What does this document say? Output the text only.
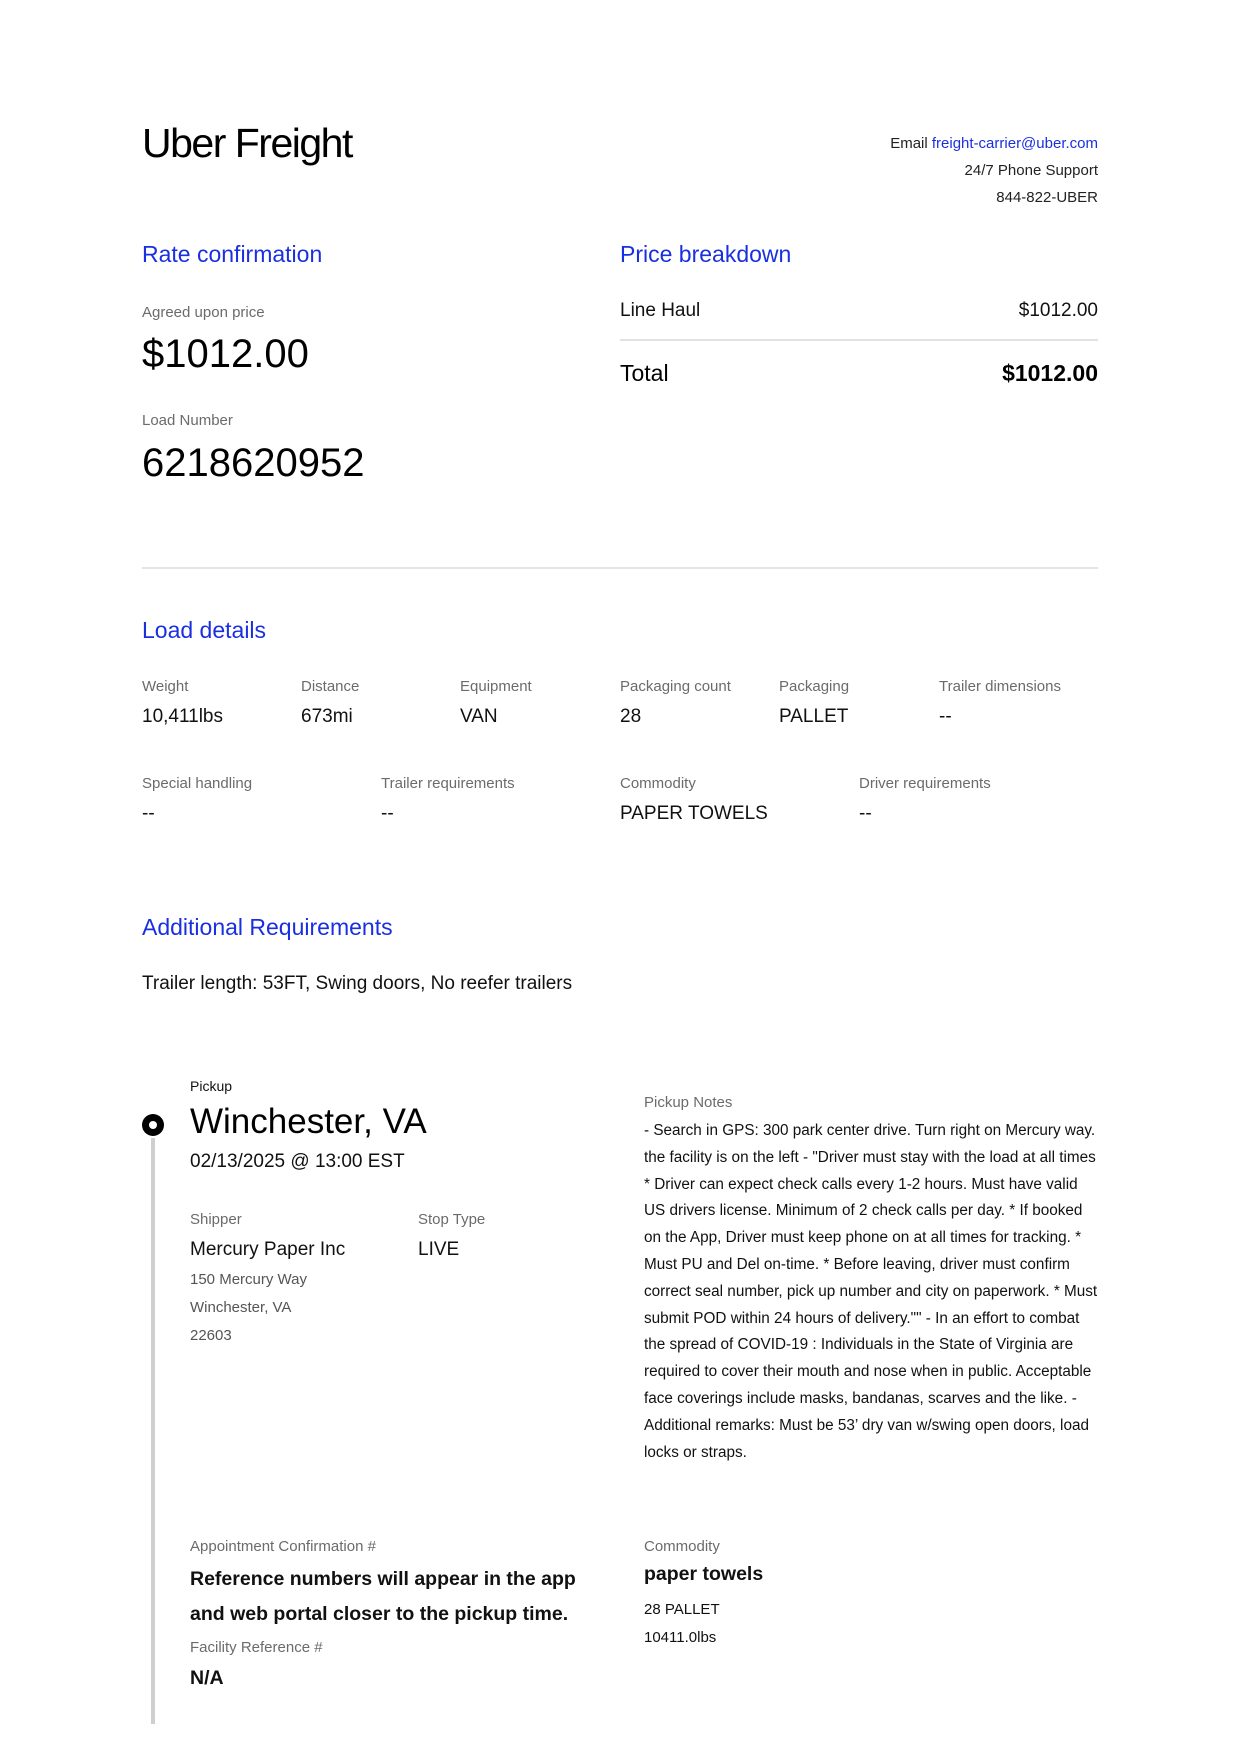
Uber Freight	Email freight-carrier@uber.com
24/7 Phone Support
844-822-UBER
Rate confirmation
Agreed upon price
$1012.00
Load Number
6218620952
Price breakdown
Line Haul	$1012.00
Total	$1012.00
Load details
Weight
10,411lbs
Distance
673mi
Equipment
VAN
Packaging count
28
Packaging
PALLET
Trailer dimensions
--
Special handling
--
Trailer requirements
--
Commodity
PAPER TOWELS
Driver requirements
--
Additional Requirements
Trailer length: 53FT, Swing doors, No reefer trailers
Pickup
Winchester, VA
02/13/2025 @ 13:00 EST
Shipper
Mercury Paper Inc
150 Mercury Way
Winchester, VA
22603
Stop Type
LIVE
Pickup Notes
- Search in GPS: 300 park center drive. Turn right on Mercury way. the facility is on the left - "Driver must stay with the load at all times * Driver can expect check calls every 1-2 hours. Must have valid US drivers license. Minimum of 2 check calls per day. * If booked on the App, Driver must keep phone on at all times for tracking. * Must PU and Del on-time. * Before leaving, driver must confirm correct seal number, pick up number and city on paperwork. * Must submit POD within 24 hours of delivery."" - In an effort to combat the spread of COVID-19 : Individuals in the State of Virginia are required to cover their mouth and nose when in public. Acceptable face coverings include masks, bandanas, scarves and the like. - Additional remarks: Must be 53’ dry van w/swing open doors, load locks or straps.
Appointment Confirmation #
Reference numbers will appear in the app and web portal closer to the pickup time.
Facility Reference #
N/A
Commodity
paper towels
28 PALLET
10411.0lbs
